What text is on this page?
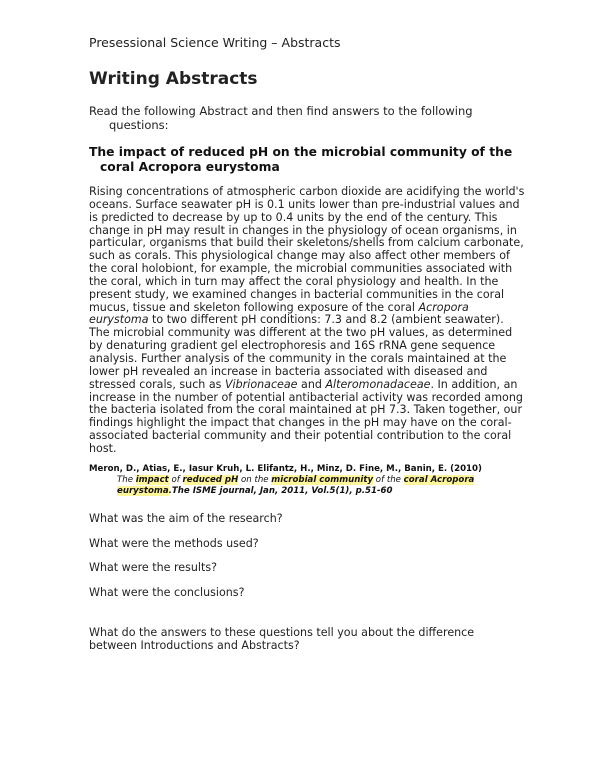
Presessional Science Writing – Abstracts
Writing Abstracts
Read the following Abstract and then find answers to the following
questions:
The impact of reduced pH on the microbial community of the
coral Acropora eurystoma
Rising concentrations of atmospheric carbon dioxide are acidifying the world's
oceans. Surface seawater pH is 0.1 units lower than pre-industrial values and
is predicted to decrease by up to 0.4 units by the end of the century. This
change in pH may result in changes in the physiology of ocean organisms, in
particular, organisms that build their skeletons/shells from calcium carbonate,
such as corals. This physiological change may also affect other members of
the coral holobiont, for example, the microbial communities associated with
the coral, which in turn may affect the coral physiology and health. In the
present study, we examined changes in bacterial communities in the coral
mucus, tissue and skeleton following exposure of the coral Acropora
eurystoma to two different pH conditions: 7.3 and 8.2 (ambient seawater).
The microbial community was different at the two pH values, as determined
by denaturing gradient gel electrophoresis and 16S rRNA gene sequence
analysis. Further analysis of the community in the corals maintained at the
lower pH revealed an increase in bacteria associated with diseased and
stressed corals, such as Vibrionaceae and Alteromonadaceae. In addition, an
increase in the number of potential antibacterial activity was recorded among
the bacteria isolated from the coral maintained at pH 7.3. Taken together, our
findings highlight the impact that changes in the pH may have on the coral-
associated bacterial community and their potential contribution to the coral
host.
Meron, D., Atias, E., Iasur Kruh, L. Elifantz, H., Minz, D. Fine, M., Banin, E. (2010)
The impact of reduced pH on the microbial community of the coral Acropora
eurystoma.The ISME journal, Jan, 2011, Vol.5(1), p.51-60
What was the aim of the research?
What were the methods used?
What were the results?
What were the conclusions?
What do the answers to these questions tell you about the difference
between Introductions and Abstracts?
